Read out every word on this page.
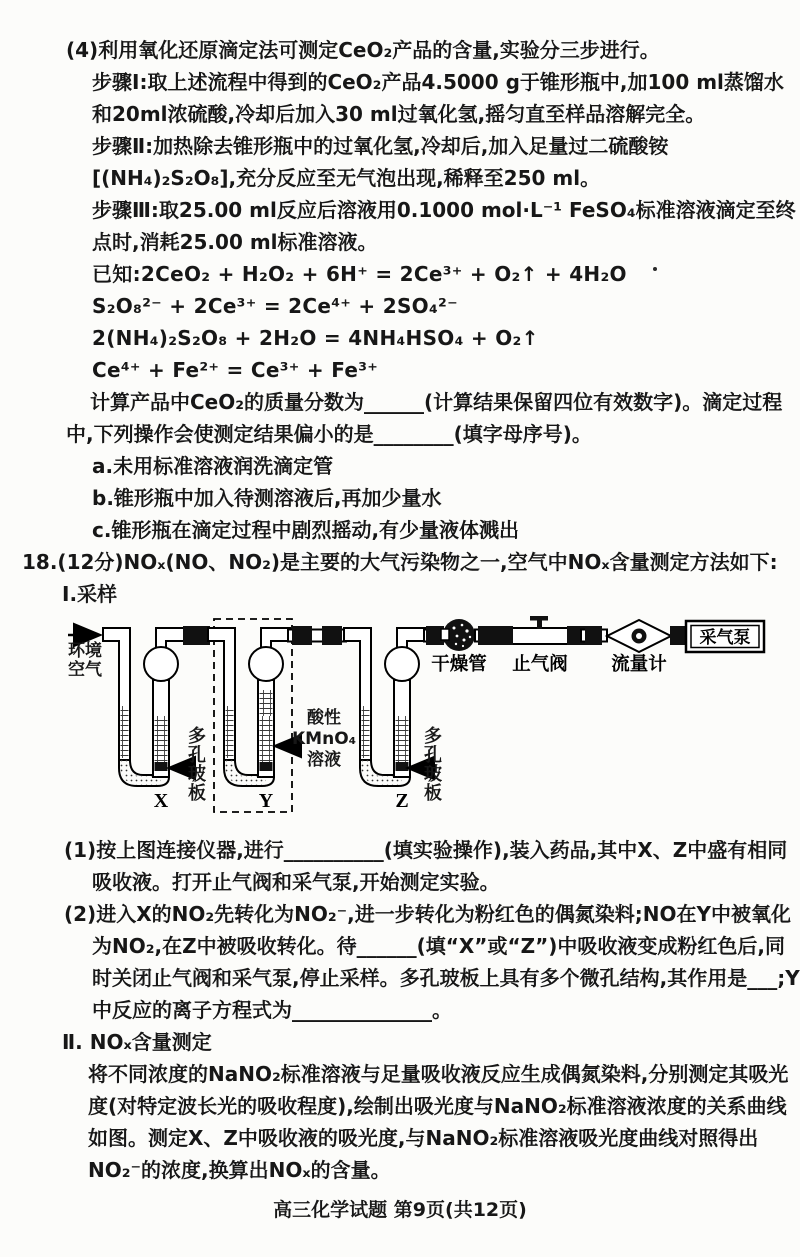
(4)利用氧化还原滴定法可测定CeO₂产品的含量,实验分三步进行。

步骤Ⅰ:取上述流程中得到的CeO₂产品4.5000 g于锥形瓶中,加100 ml蒸馏水和20ml浓硫酸,冷却后加入30 ml过氧化氢,摇匀直至样品溶解完全。

步骤Ⅱ:加热除去锥形瓶中的过氧化氢,冷却后,加入足量过二硫酸铵[(NH₄)₂S₂O₈],充分反应至无气泡出现,稀释至250 ml。

步骤Ⅲ:取25.00 ml反应后溶液用0.1000 mol·L⁻¹ FeSO₄标准溶液滴定至终点时,消耗25.00 ml标准溶液。

已知:2CeO₂ + H₂O₂ + 6H⁺ = 2Ce³⁺ + O₂↑ + 4H₂O

S₂O₈²⁻ + 2Ce³⁺ = 2Ce⁴⁺ + 2SO₄²⁻

2(NH₄)₂S₂O₈ + 2H₂O = 4NH₄HSO₄ + O₂↑

Ce⁴⁺ + Fe²⁺ = Ce³⁺ + Fe³⁺

计算产品中CeO₂的质量分数为______(计算结果保留四位有效数字)。滴定过程中,下列操作会使测定结果偏小的是________(填字母序号)。

a.未用标准溶液润洗滴定管

b.锥形瓶中加入待测溶液后,再加少量水

c.锥形瓶在滴定过程中剧烈摇动,有少量液体溅出

18.(12分)NOₓ(NO、NO₂)是主要的大气污染物之一,空气中NOₓ含量测定方法如下:

Ⅰ.采样

采气泵
X	Y	Z
干燥管 止气阀 流量计
环境
空气
多孔玻板
酸性
KMnO₄
溶液	多孔玻板

(1)按上图连接仪器,进行__________(填实验操作),装入药品,其中X、Z中盛有相同吸收液。打开止气阀和采气泵,开始测定实验。

(2)进入X的NO₂先转化为NO₂⁻,进一步转化为粉红色的偶氮染料;NO在Y中被氧化为NO₂,在Z中被吸收转化。待______(填“X”或“Z”)中吸收液变成粉红色后,同时关闭止气阀和采气泵,停止采样。多孔玻板上具有多个微孔结构,其作用是___;Y中反应的离子方程式为______________。

Ⅱ. NOₓ含量测定

将不同浓度的NaNO₂标准溶液与足量吸收液反应生成偶氮染料,分别测定其吸光度(对特定波长光的吸收程度),绘制出吸光度与NaNO₂标准溶液浓度的关系曲线如图。测定X、Z中吸收液的吸光度,与NaNO₂标准溶液吸光度曲线对照得出NO₂⁻的浓度,换算出NOₓ的含量。

高三化学试题 第9页(共12页)
